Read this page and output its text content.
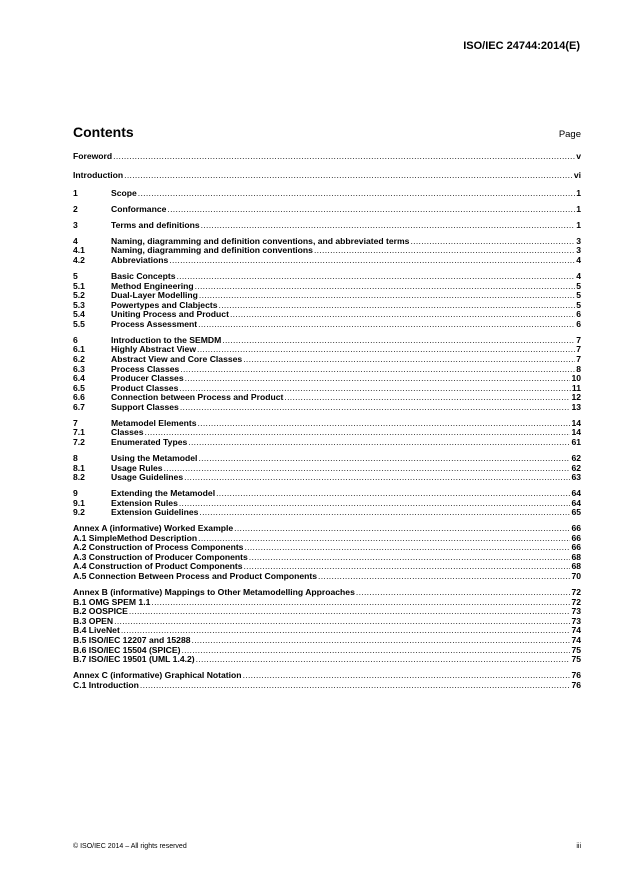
ISO/IEC 24744:2014(E)
Contents	Page
Foreword .....	v
Introduction .....	vi
1	Scope .....	1
2	Conformance .....	1
3	Terms and definitions .....	1
4	Naming, diagramming and definition conventions, and abbreviated terms .....	3
4.1	Naming, diagramming and definition conventions .....	3
4.2	Abbreviations .....	4
5	Basic Concepts .....	4
5.1	Method Engineering .....	5
5.2	Dual-Layer Modelling .....	5
5.3	Powertypes and Clabjects .....	5
5.4	Uniting Process and Product .....	6
5.5	Process Assessment .....	6
6	Introduction to the SEMDM .....	7
6.1	Highly Abstract View .....	7
6.2	Abstract View and Core Classes .....	7
6.3	Process Classes .....	8
6.4	Producer Classes .....	10
6.5	Product Classes .....	11
6.6	Connection between Process and Product .....	12
6.7	Support Classes .....	13
7	Metamodel Elements .....	14
7.1	Classes .....	14
7.2	Enumerated Types .....	61
8	Using the Metamodel .....	62
8.1	Usage Rules .....	62
8.2	Usage Guidelines .....	63
9	Extending the Metamodel .....	64
9.1	Extension Rules .....	64
9.2	Extension Guidelines .....	65
Annex A (informative) Worked Example .....	66
A.1 SimpleMethod Description .....	66
A.2 Construction of Process Components .....	66
A.3 Construction of Producer Components .....	68
A.4 Construction of Product Components .....	68
A.5 Connection Between Process and Product Components .....	70
Annex B (informative) Mappings to Other Metamodelling Approaches .....	72
B.1 OMG SPEM 1.1 .....	72
B.2 OOSPICE .....	73
B.3 OPEN .....	73
B.4 LiveNet .....	74
B.5 ISO/IEC 12207 and 15288 .....	74
B.6 ISO/IEC 15504 (SPICE) .....	75
B.7 ISO/IEC 19501 (UML 1.4.2) .....	75
Annex C (informative) Graphical Notation .....	76
C.1 Introduction .....	76
© ISO/IEC 2014 – All rights reserved	iii
